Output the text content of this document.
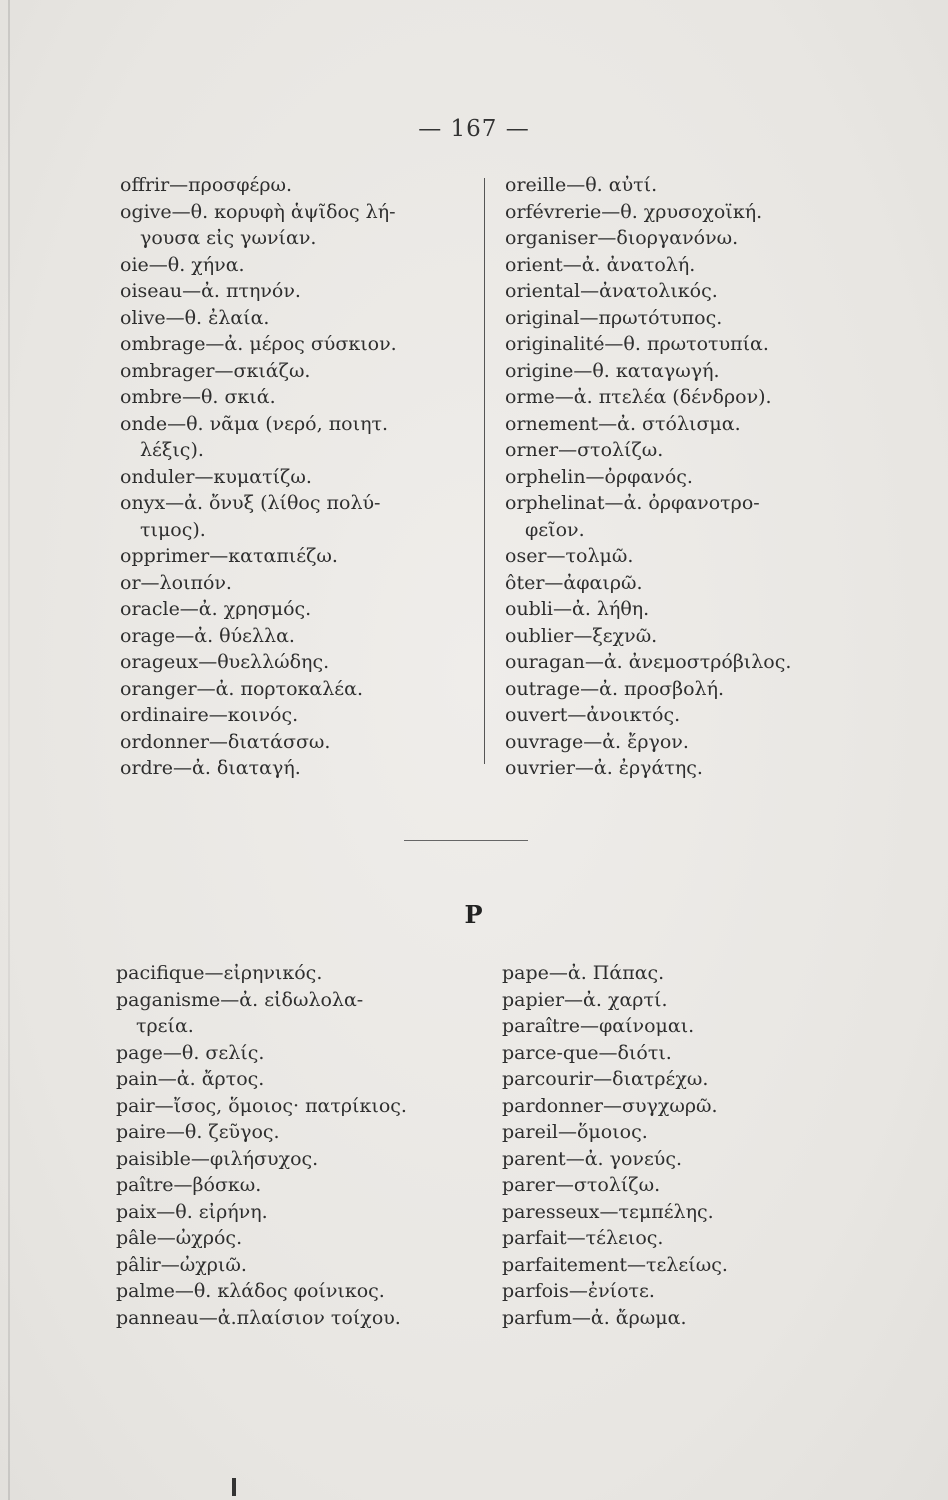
— 167 —
offrir—προσφέρω.
ogive—θ. κορυφὴ ἁψῖδος λή-
γουσα εἰς γωνίαν.
oie—θ. χήνα.
oiseau—ἀ. πτηνόν.
olive—θ. ἐλαία.
ombrage—ἀ. μέρος σύσκιον.
ombrager—σκιάζω.
ombre—θ. σκιά.
onde—θ. νᾶμα (νερό, ποιητ.
λέξις).
onduler—κυματίζω.
onyx—ἀ. ὄνυξ (λίθος πολύ-
τιμος).
opprimer—καταπιέζω.
or—λοιπόν.
oracle—ἀ. χρησμός.
orage—ἀ. θύελλα.
orageux—θυελλώδης.
oranger—ἀ. πορτοκαλέα.
ordinaire—κοινός.
ordonner—διατάσσω.
ordre—ἀ. διαταγή.
oreille—θ. αὐτί.
orfévrerie—θ. χρυσοχοϊκή.
organiser—διοργανόνω.
orient—ἀ. ἀνατολή.
oriental—ἀνατολικός.
original—πρωτότυπος.
originalité—θ. πρωτοτυπία.
origine—θ. καταγωγή.
orme—ἀ. πτελέα (δένδρον).
ornement—ἀ. στόλισμα.
orner—στολίζω.
orphelin—ὀρφανός.
orphelinat—ἀ. ὀρφανοτρο-
φεῖον.
oser—τολμῶ.
ôter—ἀφαιρῶ.
oubli—ἀ. λήθη.
oublier—ξεχνῶ.
ouragan—ἀ. ἀνεμοστρόβιλος.
outrage—ἀ. προσβολή.
ouvert—ἀνοικτός.
ouvrage—ἀ. ἔργον.
ouvrier—ἀ. ἐργάτης.
P
pacifique—εἰρηνικός.
paganisme—ἀ. εἰδωλολα-
τρεία.
page—θ. σελίς.
pain—ἀ. ἄρτος.
pair—ἴσος, ὅμοιος· πατρίκιος.
paire—θ. ζεῦγος.
paisible—φιλήσυχος.
paître—βόσκω.
paix—θ. εἰρήνη.
pâle—ὠχρός.
pâlir—ὠχριῶ.
palme—θ. κλάδος φοίνικος.
panneau—ἀ.πλαίσιον τοίχου.
pape—ἀ. Πάπας.
papier—ἀ. χαρτί.
paraître—φαίνομαι.
parce-que—διότι.
parcourir—διατρέχω.
pardonner—συγχωρῶ.
pareil—ὅμοιος.
parent—ἀ. γονεύς.
parer—στολίζω.
paresseux—τεμπέλης.
parfait—τέλειος.
parfaitement—τελείως.
parfois—ἐνίοτε.
parfum—ἀ. ἄρωμα.
